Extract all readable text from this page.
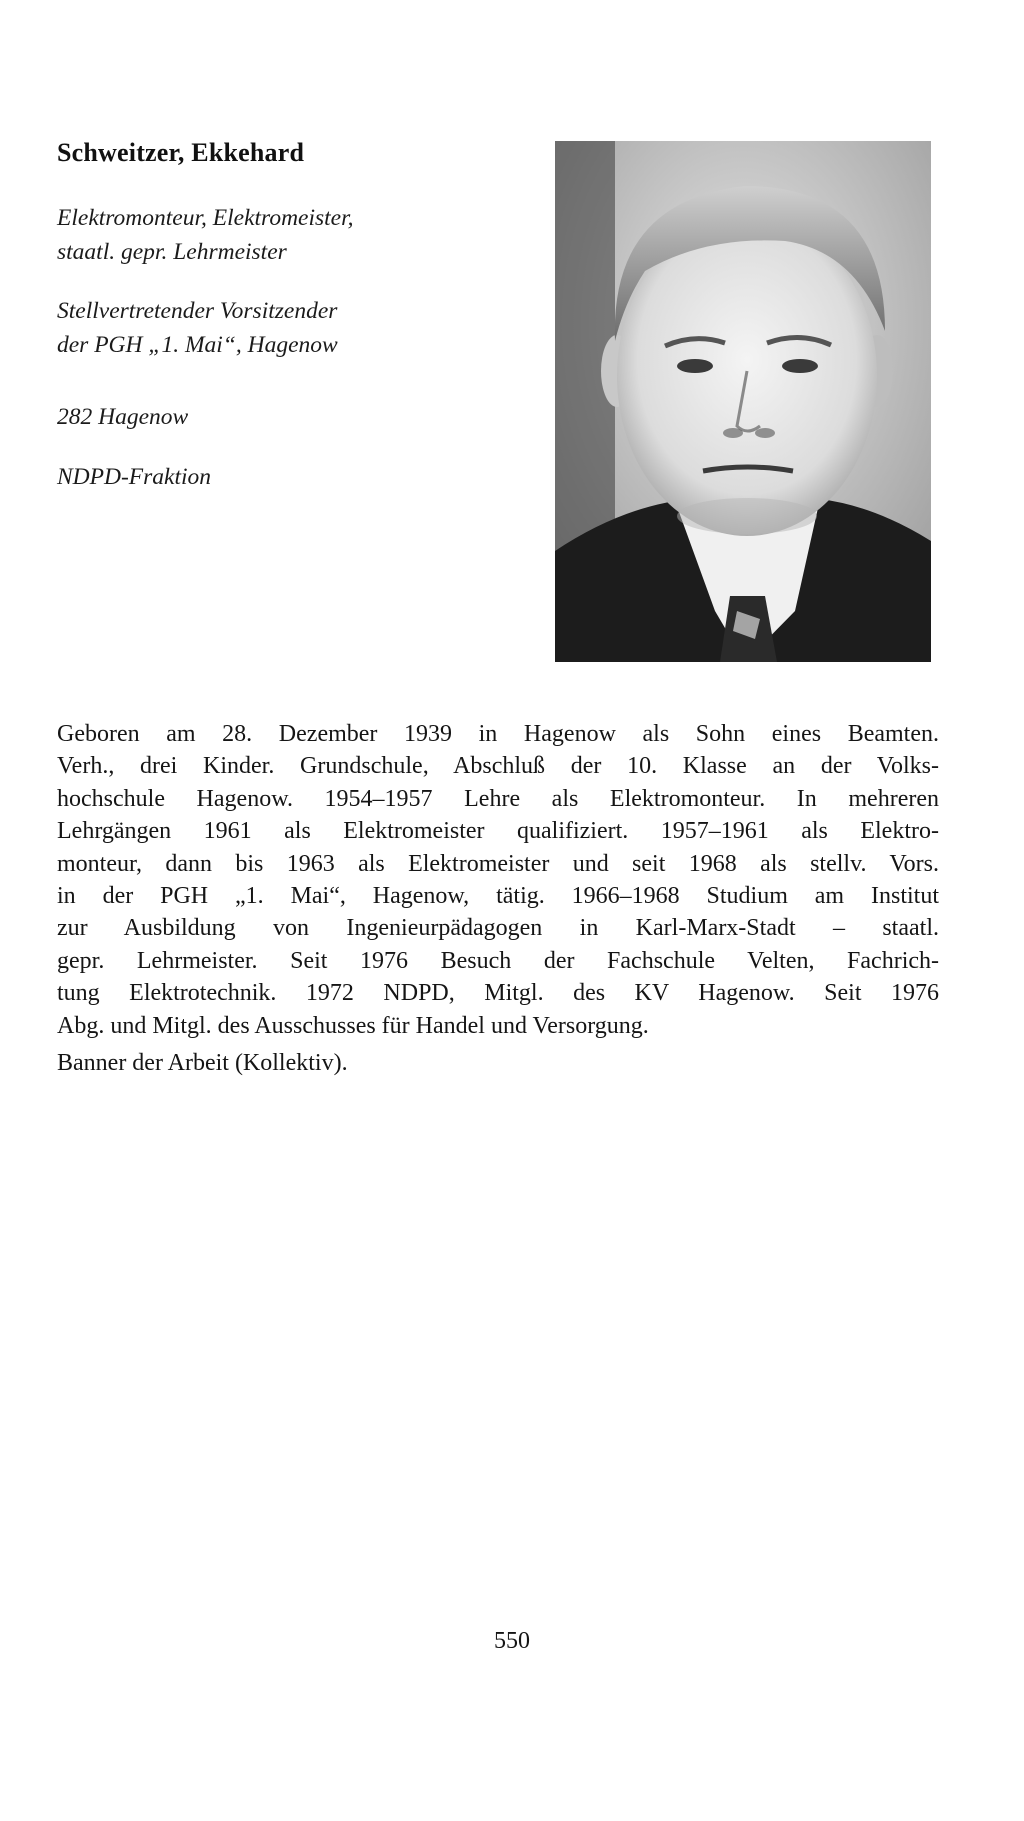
Schweitzer, Ekkehard
Elektromonteur, Elektromeister,
staatl. gepr. Lehrmeister
Stellvertretender Vorsitzender
der PGH „1. Mai“, Hagenow
282 Hagenow
NDPD-Fraktion
Geboren am 28. Dezember 1939 in Hagenow als Sohn eines Beamten.
Verh., drei Kinder. Grundschule, Abschluß der 10. Klasse an der Volks-
hochschule Hagenow. 1954–1957 Lehre als Elektromonteur. In mehreren
Lehrgängen 1961 als Elektromeister qualifiziert. 1957–1961 als Elektro-
monteur, dann bis 1963 als Elektromeister und seit 1968 als stellv. Vors.
in der PGH „1. Mai“, Hagenow, tätig. 1966–1968 Studium am Institut
zur Ausbildung von Ingenieurpädagogen in Karl-Marx-Stadt – staatl.
gepr. Lehrmeister. Seit 1976 Besuch der Fachschule Velten, Fachrich-
tung Elektrotechnik. 1972 NDPD, Mitgl. des KV Hagenow. Seit 1976
Abg. und Mitgl. des Ausschusses für Handel und Versorgung.
Banner der Arbeit (Kollektiv).
550
